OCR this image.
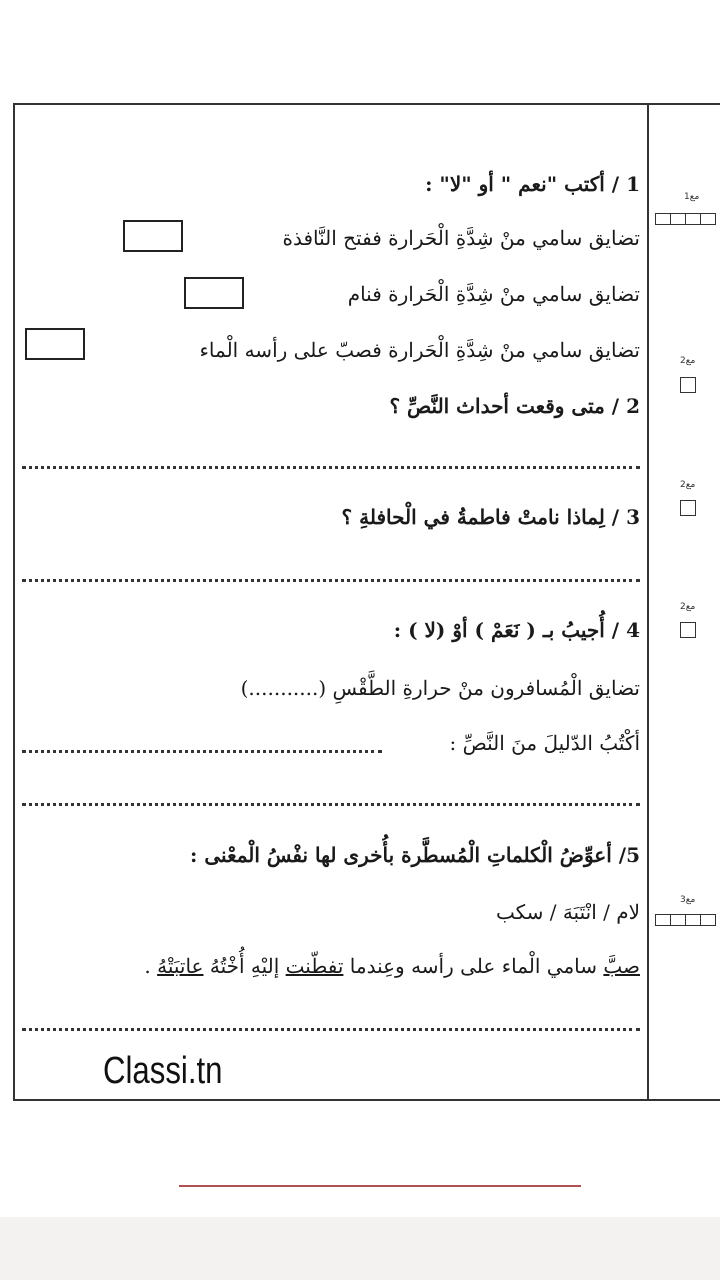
1 / أكتب "نعم " أو "لا" :
تضايق سامي منْ شِدَّةِ الْحَرارة ففتح النَّافذة
تضايق سامي منْ شِدَّةِ الْحَرارة فنام
تضايق سامي منْ شِدَّةِ الْحَرارة فصبّ على رأسه الْماء
2 / متى وقعت أحداث النَّصِّ ؟
3 / لِماذا نامتْ فاطمةُ في الْحافلةِ ؟
4 / أُجيبُ بـ ( نَعَمْ ) أوْ (لا ) :
تضايق الْمُسافرون منْ حرارةِ الطَّقْسِ (...........)
أكْتُبُ الدّليلَ منَ النَّصِّ :
5/ أعوِّضُ الْكلماتِ الْمُسطَّرة بأُخرى لها نفْسُ الْمعْنى :
لام / انْتَبَهَ / سكب
صبَّ سامي الْماء على رأسه وعِندما تفطّنت إليْهِ أُخْتُهُ عاتبَتْهُ .
مع1
مع2
مع2
مع2
مع3
Classi.tn
